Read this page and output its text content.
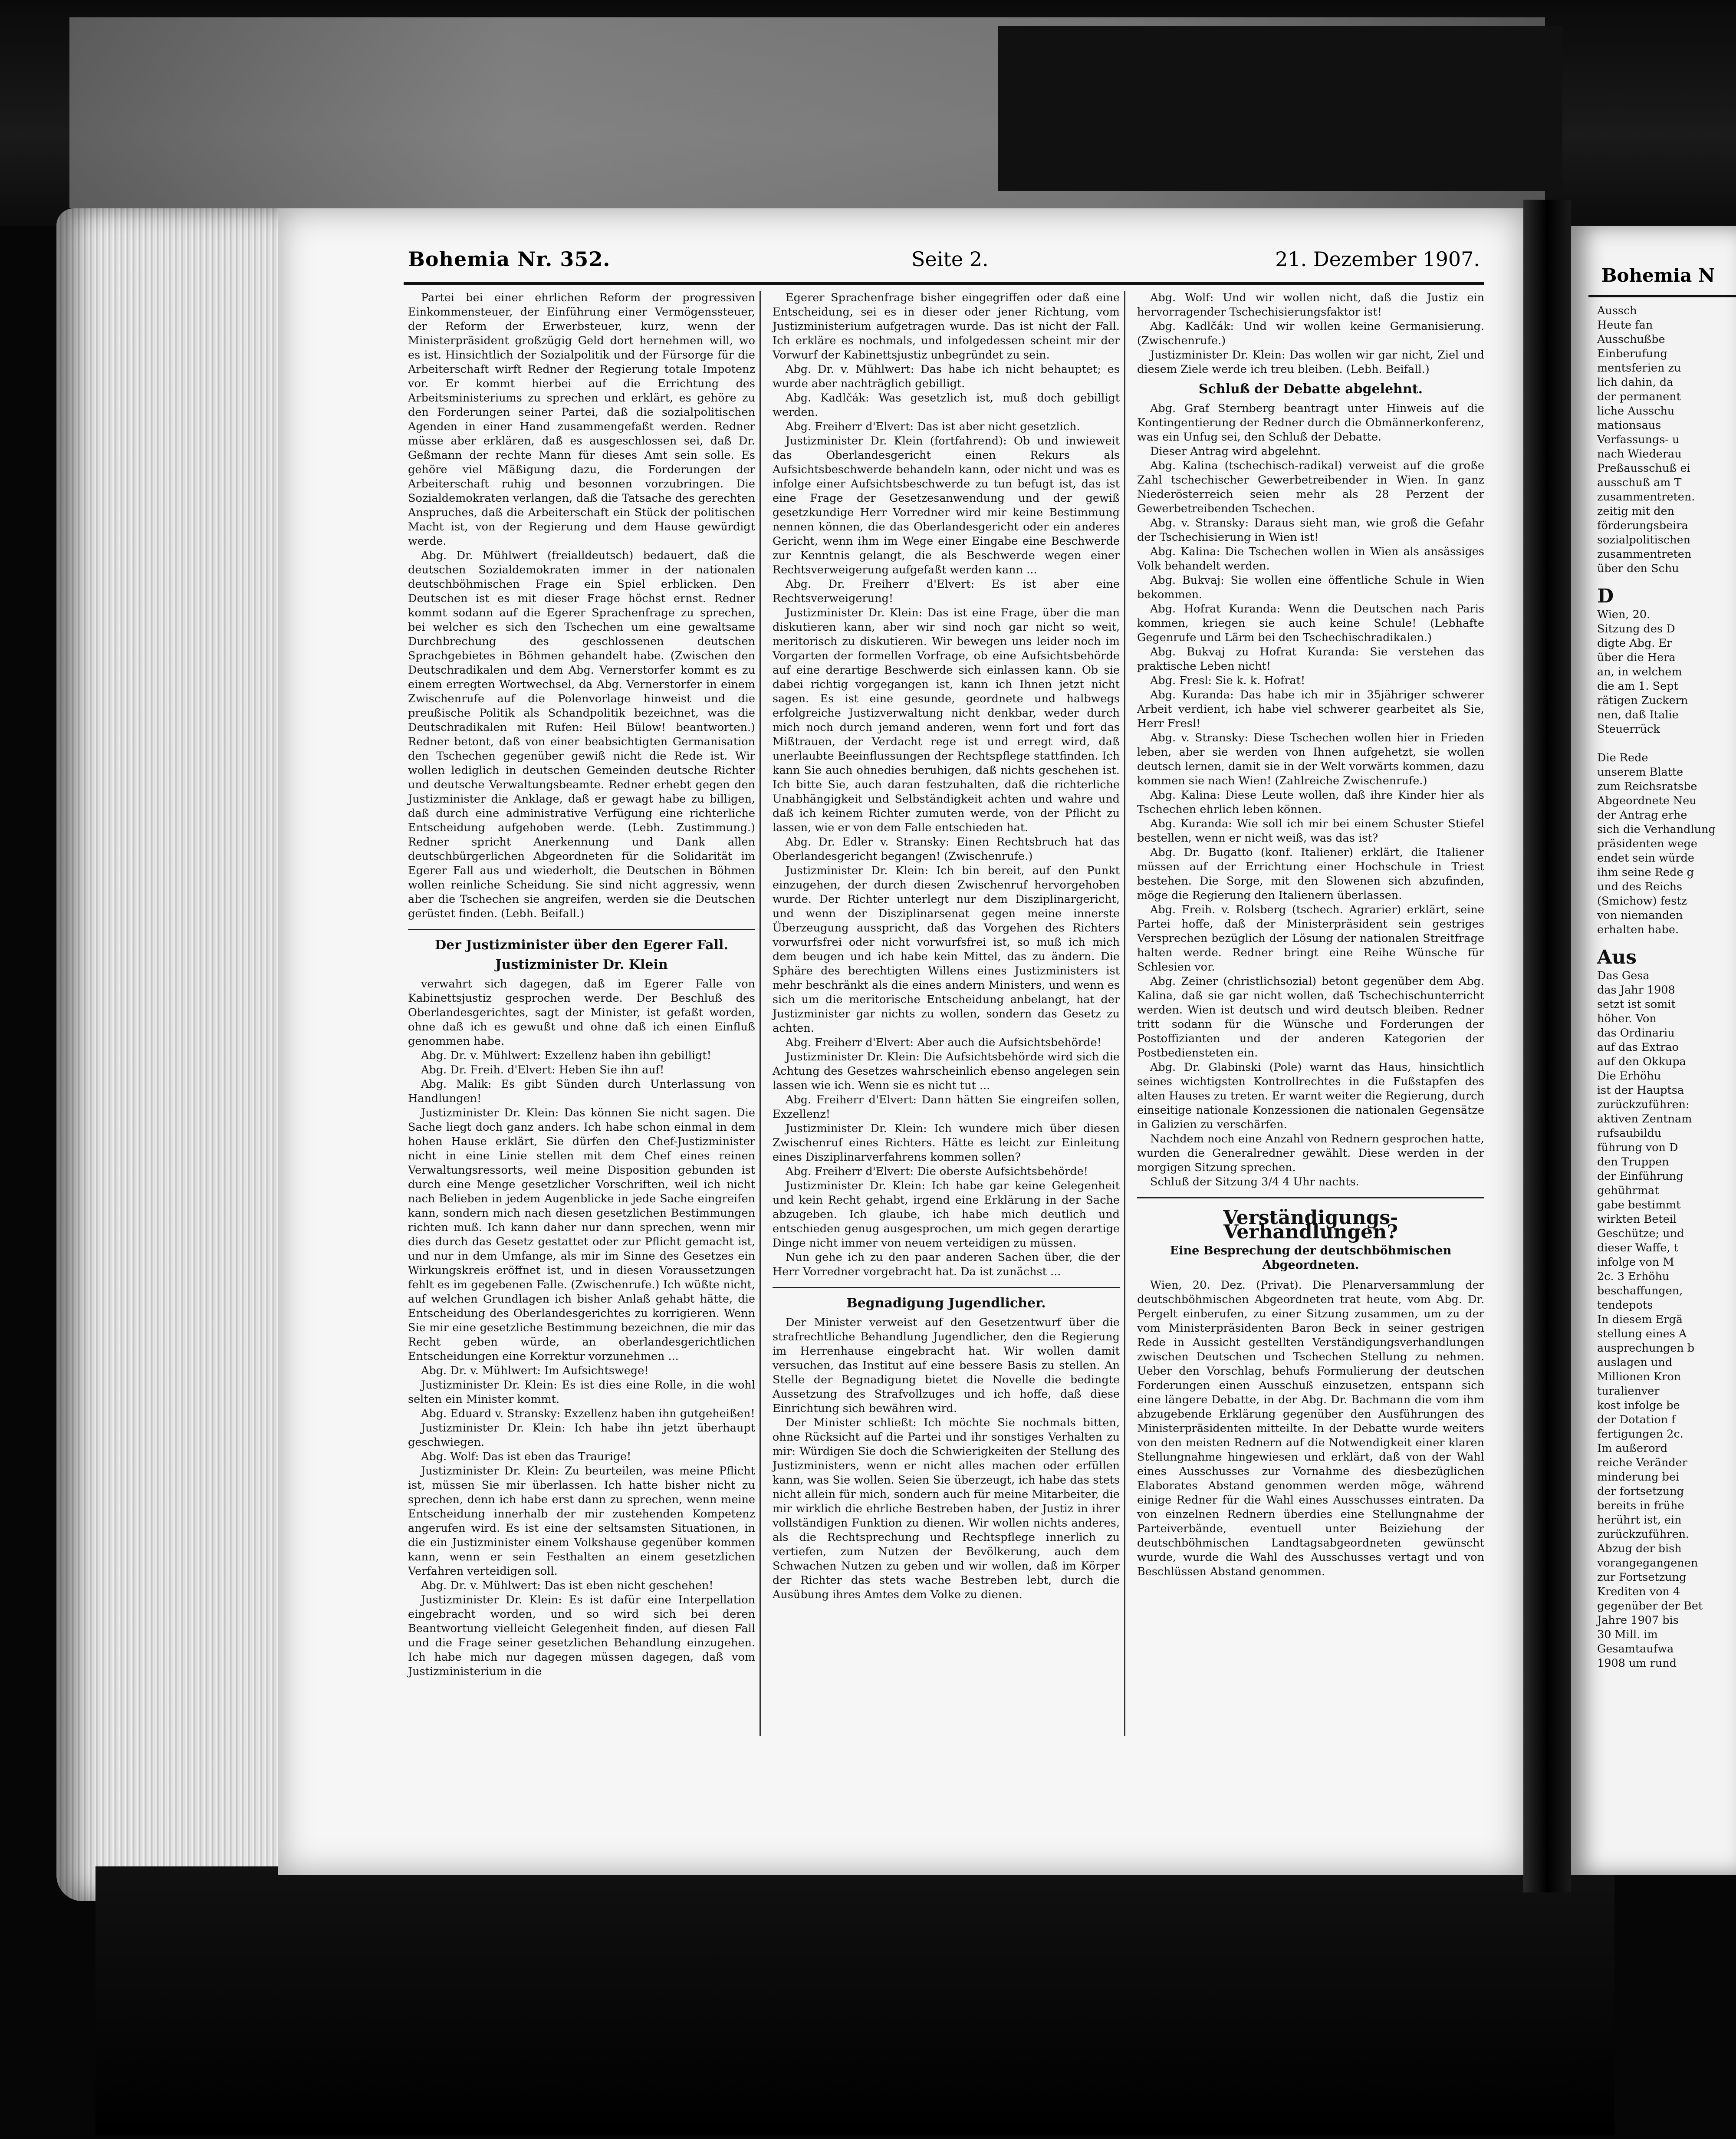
Bohemia Nr. 352.	Seite 2.	21. Dezember 1907.

Partei bei einer ehrlichen Reform der progressiven Einkommensteuer, der Einführung einer Vermögenssteuer, der Reform der Erwerbsteuer, kurz, wenn der Ministerpräsident großzügig Geld dort hernehmen will, wo es ist. Hinsichtlich der Sozialpolitik und der Fürsorge für die Arbeiterschaft wirft Redner der Regierung totale Impotenz vor. Er kommt hierbei auf die Errichtung des Arbeitsministeriums zu sprechen und erklärt, es gehöre zu den Forderungen seiner Partei, daß die sozialpolitischen Agenden in einer Hand zusammengefaßt werden. Redner müsse aber erklären, daß es ausgeschlossen sei, daß Dr. Geßmann der rechte Mann für dieses Amt sein solle. Es gehöre viel Mäßigung dazu, die Forderungen der Arbeiterschaft ruhig und besonnen vorzubringen. Die Sozialdemokraten verlangen, daß die Tatsache des gerechten Anspruches, daß die Arbeiterschaft ein Stück der politischen Macht ist, von der Regierung und dem Hause gewürdigt werde.

Abg. Dr. Mühlwert (freialldeutsch) bedauert, daß die deutschen Sozialdemokraten immer in der nationalen deutschböhmischen Frage ein Spiel erblicken. Den Deutschen ist es mit dieser Frage höchst ernst. Redner kommt sodann auf die Egerer Sprachenfrage zu sprechen, bei welcher es sich den Tschechen um eine gewaltsame Durchbrechung des geschlossenen deutschen Sprachgebietes in Böhmen gehandelt habe. (Zwischen den Deutschradikalen und dem Abg. Vernerstorfer kommt es zu einem erregten Wortwechsel, da Abg. Vernerstorfer in einem Zwischenrufe auf die Polenvorlage hinweist und die preußische Politik als Schandpolitik bezeichnet, was die Deutschradikalen mit Rufen: Heil Bülow! beantworten.) Redner betont, daß von einer beabsichtigten Germanisation den Tschechen gegenüber gewiß nicht die Rede ist. Wir wollen lediglich in deutschen Gemeinden deutsche Richter und deutsche Verwaltungsbeamte. Redner erhebt gegen den Justizminister die Anklage, daß er gewagt habe zu billigen, daß durch eine administrative Verfügung eine richterliche Entscheidung aufgehoben werde. (Lebh. Zustimmung.) Redner spricht Anerkennung und Dank allen deutschbürgerlichen Abgeordneten für die Solidarität im Egerer Fall aus und wiederholt, die Deutschen in Böhmen wollen reinliche Scheidung. Sie sind nicht aggressiv, wenn aber die Tschechen sie angreifen, werden sie die Deutschen gerüstet finden. (Lebh. Beifall.)

Der Justizminister über den Egerer Fall.

Justizminister Dr. Klein

verwahrt sich dagegen, daß im Egerer Falle von Kabinettsjustiz gesprochen werde. Der Beschluß des Oberlandesgerichtes, sagt der Minister, ist gefaßt worden, ohne daß ich es gewußt und ohne daß ich einen Einfluß genommen habe.

Abg. Dr. v. Mühlwert: Exzellenz haben ihn gebilligt!

Abg. Dr. Freih. d'Elvert: Heben Sie ihn auf!

Abg. Malik: Es gibt Sünden durch Unterlassung von Handlungen!

Justizminister Dr. Klein: Das können Sie nicht sagen. Die Sache liegt doch ganz anders. Ich habe schon einmal in dem hohen Hause erklärt, Sie dürfen den Chef-Justizminister nicht in eine Linie stellen mit dem Chef eines reinen Verwaltungsressorts, weil meine Disposition gebunden ist durch eine Menge gesetzlicher Vorschriften, weil ich nicht nach Belieben in jedem Augenblicke in jede Sache eingreifen kann, sondern mich nach diesen gesetzlichen Bestimmungen richten muß. Ich kann daher nur dann sprechen, wenn mir dies durch das Gesetz gestattet oder zur Pflicht gemacht ist, und nur in dem Umfange, als mir im Sinne des Gesetzes ein Wirkungskreis eröffnet ist, und in diesen Voraussetzungen fehlt es im gegebenen Falle. (Zwischenrufe.) Ich wüßte nicht, auf welchen Grundlagen ich bisher Anlaß gehabt hätte, die Entscheidung des Oberlandesgerichtes zu korrigieren. Wenn Sie mir eine gesetzliche Bestimmung bezeichnen, die mir das Recht geben würde, an oberlandesgerichtlichen Entscheidungen eine Korrektur vorzunehmen ...

Abg. Dr. v. Mühlwert: Im Aufsichtswege!

Justizminister Dr. Klein: Es ist dies eine Rolle, in die wohl selten ein Minister kommt.

Abg. Eduard v. Stransky: Exzellenz haben ihn gutgeheißen!

Justizminister Dr. Klein: Ich habe ihn jetzt überhaupt geschwiegen.

Abg. Wolf: Das ist eben das Traurige!

Justizminister Dr. Klein: Zu beurteilen, was meine Pflicht ist, müssen Sie mir überlassen. Ich hatte bisher nicht zu sprechen, denn ich habe erst dann zu sprechen, wenn meine Entscheidung innerhalb der mir zustehenden Kompetenz angerufen wird. Es ist eine der seltsamsten Situationen, in die ein Justizminister einem Volkshause gegenüber kommen kann, wenn er sein Festhalten an einem gesetzlichen Verfahren verteidigen soll.

Abg. Dr. v. Mühlwert: Das ist eben nicht geschehen!

Justizminister Dr. Klein: Es ist dafür eine Interpellation eingebracht worden, und so wird sich bei deren Beantwortung vielleicht Gelegenheit finden, auf diesen Fall und die Frage seiner gesetzlichen Behandlung einzugehen. Ich habe mich nur dagegen müssen dagegen, daß vom Justizministerium in die

Egerer Sprachenfrage bisher eingegriffen oder daß eine Entscheidung, sei es in dieser oder jener Richtung, vom Justizministerium aufgetragen wurde. Das ist nicht der Fall. Ich erkläre es nochmals, und infolgedessen scheint mir der Vorwurf der Kabinettsjustiz unbegründet zu sein.

Abg. Dr. v. Mühlwert: Das habe ich nicht behauptet; es wurde aber nachträglich gebilligt.

Abg. Kadlčák: Was gesetzlich ist, muß doch gebilligt werden.

Abg. Freiherr d'Elvert: Das ist aber nicht gesetzlich.

Justizminister Dr. Klein (fortfahrend): Ob und inwieweit das Oberlandesgericht einen Rekurs als Aufsichtsbeschwerde behandeln kann, oder nicht und was es infolge einer Aufsichtsbeschwerde zu tun befugt ist, das ist eine Frage der Gesetzesanwendung und der gewiß gesetzkundige Herr Vorredner wird mir keine Bestimmung nennen können, die das Oberlandesgericht oder ein anderes Gericht, wenn ihm im Wege einer Eingabe eine Beschwerde zur Kenntnis gelangt, die als Beschwerde wegen einer Rechtsverweigerung aufgefaßt werden kann ...

Abg. Dr. Freiherr d'Elvert: Es ist aber eine Rechtsverweigerung!

Justizminister Dr. Klein: Das ist eine Frage, über die man diskutieren kann, aber wir sind noch gar nicht so weit, meritorisch zu diskutieren. Wir bewegen uns leider noch im Vorgarten der formellen Vorfrage, ob eine Aufsichtsbehörde auf eine derartige Beschwerde sich einlassen kann. Ob sie dabei richtig vorgegangen ist, kann ich Ihnen jetzt nicht sagen. Es ist eine gesunde, geordnete und halbwegs erfolgreiche Justizverwaltung nicht denkbar, weder durch mich noch durch jemand anderen, wenn fort und fort das Mißtrauen, der Verdacht rege ist und erregt wird, daß unerlaubte Beeinflussungen der Rechtspflege stattfinden. Ich kann Sie auch ohnedies beruhigen, daß nichts geschehen ist. Ich bitte Sie, auch daran festzuhalten, daß die richterliche Unabhängigkeit und Selbständigkeit achten und wahre und daß ich keinem Richter zumuten werde, von der Pflicht zu lassen, wie er von dem Falle entschieden hat.

Abg. Dr. Edler v. Stransky: Einen Rechtsbruch hat das Oberlandesgericht begangen! (Zwischenrufe.)

Justizminister Dr. Klein: Ich bin bereit, auf den Punkt einzugehen, der durch diesen Zwischenruf hervorgehoben wurde. Der Richter unterlegt nur dem Disziplinargericht, und wenn der Disziplinarsenat gegen meine innerste Überzeugung ausspricht, daß das Vorgehen des Richters vorwurfsfrei oder nicht vorwurfsfrei ist, so muß ich mich dem beugen und ich habe kein Mittel, das zu ändern. Die Sphäre des berechtigten Willens eines Justizministers ist mehr beschränkt als die eines andern Ministers, und wenn es sich um die meritorische Entscheidung anbelangt, hat der Justizminister gar nichts zu wollen, sondern das Gesetz zu achten.

Abg. Freiherr d'Elvert: Aber auch die Aufsichtsbehörde!

Justizminister Dr. Klein: Die Aufsichtsbehörde wird sich die Achtung des Gesetzes wahrscheinlich ebenso angelegen sein lassen wie ich. Wenn sie es nicht tut ...

Abg. Freiherr d'Elvert: Dann hätten Sie eingreifen sollen, Exzellenz!

Justizminister Dr. Klein: Ich wundere mich über diesen Zwischenruf eines Richters. Hätte es leicht zur Einleitung eines Disziplinarverfahrens kommen sollen?

Abg. Freiherr d'Elvert: Die oberste Aufsichtsbehörde!

Justizminister Dr. Klein: Ich habe gar keine Gelegenheit und kein Recht gehabt, irgend eine Erklärung in der Sache abzugeben. Ich glaube, ich habe mich deutlich und entschieden genug ausgesprochen, um mich gegen derartige Dinge nicht immer von neuem verteidigen zu müssen.

Nun gehe ich zu den paar anderen Sachen über, die der Herr Vorredner vorgebracht hat. Da ist zunächst ...

Begnadigung Jugendlicher.

Der Minister verweist auf den Gesetzentwurf über die strafrechtliche Behandlung Jugendlicher, den die Regierung im Herrenhause eingebracht hat. Wir wollen damit versuchen, das Institut auf eine bessere Basis zu stellen. An Stelle der Begnadigung bietet die Novelle die bedingte Aussetzung des Strafvollzuges und ich hoffe, daß diese Einrichtung sich bewähren wird.

Der Minister schließt: Ich möchte Sie nochmals bitten, ohne Rücksicht auf die Partei und ihr sonstiges Verhalten zu mir: Würdigen Sie doch die Schwierigkeiten der Stellung des Justizministers, wenn er nicht alles machen oder erfüllen kann, was Sie wollen. Seien Sie überzeugt, ich habe das stets nicht allein für mich, sondern auch für meine Mitarbeiter, die mir wirklich die ehrliche Bestreben haben, der Justiz in ihrer vollständigen Funktion zu dienen. Wir wollen nichts anderes, als die Rechtsprechung und Rechtspflege innerlich zu vertiefen, zum Nutzen der Bevölkerung, auch dem Schwachen Nutzen zu geben und wir wollen, daß im Körper der Richter das stets wache Bestreben lebt, durch die Ausübung ihres Amtes dem Volke zu dienen.

Abg. Wolf: Und wir wollen nicht, daß die Justiz ein hervorragender Tschechisierungsfaktor ist!

Abg. Kadlčák: Und wir wollen keine Germanisierung. (Zwischenrufe.)

Justizminister Dr. Klein: Das wollen wir gar nicht, Ziel und diesem Ziele werde ich treu bleiben. (Lebh. Beifall.)

Schluß der Debatte abgelehnt.

Abg. Graf Sternberg beantragt unter Hinweis auf die Kontingentierung der Redner durch die Obmännerkonferenz, was ein Unfug sei, den Schluß der Debatte.

Dieser Antrag wird abgelehnt.

Abg. Kalina (tschechisch-radikal) verweist auf die große Zahl tschechischer Gewerbetreibender in Wien. In ganz Niederösterreich seien mehr als 28 Perzent der Gewerbetreibenden Tschechen.

Abg. v. Stransky: Daraus sieht man, wie groß die Gefahr der Tschechisierung in Wien ist!

Abg. Kalina: Die Tschechen wollen in Wien als ansässiges Volk behandelt werden.

Abg. Bukvaj: Sie wollen eine öffentliche Schule in Wien bekommen.

Abg. Hofrat Kuranda: Wenn die Deutschen nach Paris kommen, kriegen sie auch keine Schule! (Lebhafte Gegenrufe und Lärm bei den Tschechischradikalen.)

Abg. Bukvaj zu Hofrat Kuranda: Sie verstehen das praktische Leben nicht!

Abg. Fresl: Sie k. k. Hofrat!

Abg. Kuranda: Das habe ich mir in 35jähriger schwerer Arbeit verdient, ich habe viel schwerer gearbeitet als Sie, Herr Fresl!

Abg. v. Stransky: Diese Tschechen wollen hier in Frieden leben, aber sie werden von Ihnen aufgehetzt, sie wollen deutsch lernen, damit sie in der Welt vorwärts kommen, dazu kommen sie nach Wien! (Zahlreiche Zwischenrufe.)

Abg. Kalina: Diese Leute wollen, daß ihre Kinder hier als Tschechen ehrlich leben können.

Abg. Kuranda: Wie soll ich mir bei einem Schuster Stiefel bestellen, wenn er nicht weiß, was das ist?

Abg. Dr. Bugatto (konf. Italiener) erklärt, die Italiener müssen auf der Errichtung einer Hochschule in Triest bestehen. Die Sorge, mit den Slowenen sich abzufinden, möge die Regierung den Italienern überlassen.

Abg. Freih. v. Rolsberg (tschech. Agrarier) erklärt, seine Partei hoffe, daß der Ministerpräsident sein gestriges Versprechen bezüglich der Lösung der nationalen Streitfrage halten werde. Redner bringt eine Reihe Wünsche für Schlesien vor.

Abg. Zeiner (christlichsozial) betont gegenüber dem Abg. Kalina, daß sie gar nicht wollen, daß Tschechischunterricht werden. Wien ist deutsch und wird deutsch bleiben. Redner tritt sodann für die Wünsche und Forderungen der Postoffizianten und der anderen Kategorien der Postbediensteten ein.

Abg. Dr. Glabinski (Pole) warnt das Haus, hinsichtlich seines wichtigsten Kontrollrechtes in die Fußstapfen des alten Hauses zu treten. Er warnt weiter die Regierung, durch einseitige nationale Konzessionen die nationalen Gegensätze in Galizien zu verschärfen.

Nachdem noch eine Anzahl von Rednern gesprochen hatte, wurden die Generalredner gewählt. Diese werden in der morgigen Sitzung sprechen.

Schluß der Sitzung 3/4 4 Uhr nachts.

Verständigungs-Verhandlungen?

Eine Besprechung der deutschböhmischen Abgeordneten.

Wien, 20. Dez. (Privat). Die Plenarversammlung der deutschböhmischen Abgeordneten trat heute, vom Abg. Dr. Pergelt einberufen, zu einer Sitzung zusammen, um zu der vom Ministerpräsidenten Baron Beck in seiner gestrigen Rede in Aussicht gestellten Verständigungsverhandlungen zwischen Deutschen und Tschechen Stellung zu nehmen. Ueber den Vorschlag, behufs Formulierung der deutschen Forderungen einen Ausschuß einzusetzen, entspann sich eine längere Debatte, in der Abg. Dr. Bachmann die vom ihm abzugebende Erklärung gegenüber den Ausführungen des Ministerpräsidenten mitteilte. In der Debatte wurde weiters von den meisten Rednern auf die Notwendigkeit einer klaren Stellungnahme hingewiesen und erklärt, daß von der Wahl eines Ausschusses zur Vornahme des diesbezüglichen Elaborates Abstand genommen werden möge, während einige Redner für die Wahl eines Ausschusses eintraten. Da von einzelnen Rednern überdies eine Stellungnahme der Parteiverbände, eventuell unter Beiziehung der deutschböhmischen Landtagsabgeordneten gewünscht wurde, wurde die Wahl des Ausschusses vertagt und von Beschlüssen Abstand genommen.

Bohemia N

Aussch

Heute fan

Ausschußbe

Einberufung

mentsferien zu

lich dahin, da

der permanent

liche Ausschu

mationsaus

Verfassungs- u

nach Wiederau

Preßausschuß ei

ausschuß am T

zusammentreten.

zeitig mit den

förderungsbeira

sozialpolitischen

zusammentreten

über den Schu

D

Wien, 20.

Sitzung des D

digte Abg. Er

über die Hera

an, in welchem

die am 1. Sept

rätigen Zuckern

nen, daß Italie

Steuerrück

Die Rede

unserem Blatte

zum Reichsratsbe

Abgeordnete Neu

der Antrag erhe

sich die Verhandlung

präsidenten wege

endet sein würde

ihm seine Rede g

und des Reichs

(Smichow) festz

von niemanden

erhalten habe.

Aus

Das Gesa

das Jahr 1908

setzt ist somit

höher. Von

das Ordinariu

auf das Extrao

auf den Okkupa

Die Erhöhu

ist der Hauptsa

zurückzuführen:

aktiven Zentnam

rufsaubildu

führung von D

den Truppen

der Einführung

gehührmat

gabe bestimmt

wirkten Beteil

Geschütze; und

dieser Waffe, t

infolge von M

2c. 3 Erhöhu

beschaffungen,

tendepots

In diesem Ergä

stellung eines A

ausprechungen b

auslagen und

Millionen Kron

turalienver

kost infolge be

der Dotation f

fertigungen 2c.

Im außerord

reiche Veränder

minderung bei

der fortsetzung

bereits in frühe

herührt ist, ein

zurückzuführen.

Abzug der bish

vorangegangenen

zur Fortsetzung

Krediten von 4

gegenüber der Bet

Jahre 1907 bis

30 Mill. im

Gesamtaufwa

1908 um rund
